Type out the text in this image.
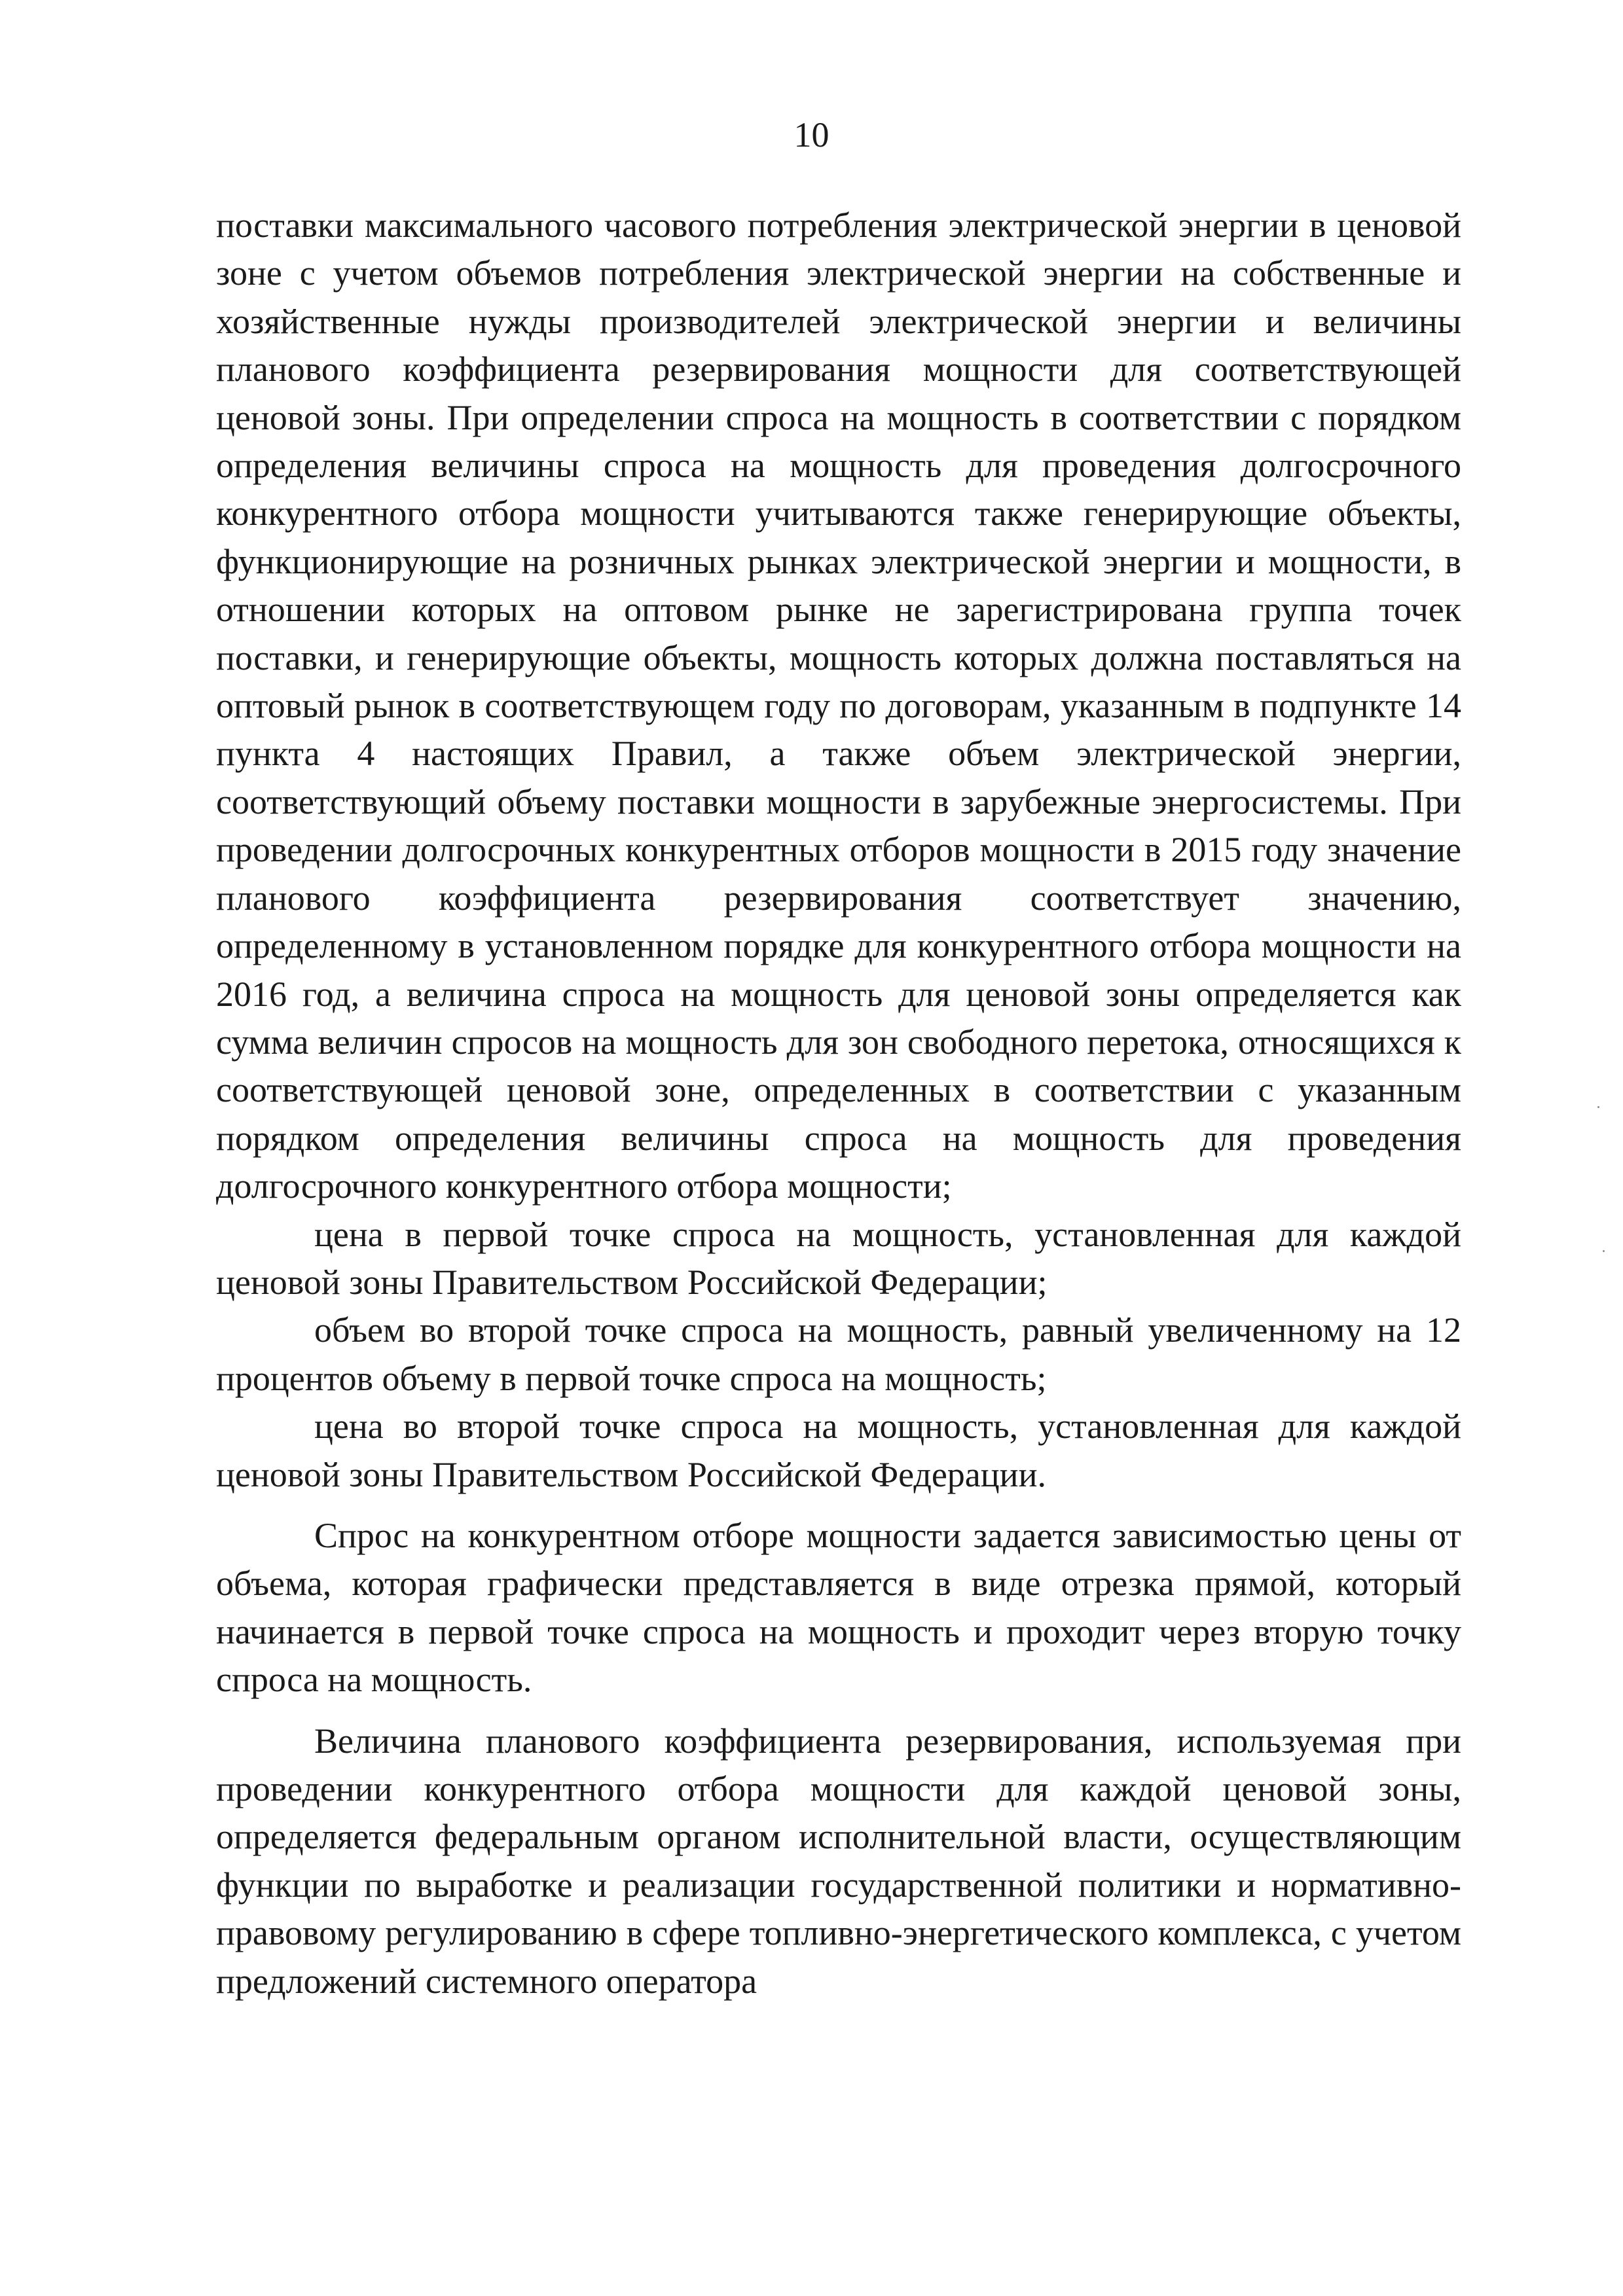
10

поставки максимального часового потребления электрической энергии в ценовой зоне с учетом объемов потребления электрической энергии на собственные и хозяйственные нужды производителей электрической энергии и величины планового коэффициента резервирования мощности для соответствующей ценовой зоны. При определении спроса на мощность в соответствии с порядком определения величины спроса на мощность для проведения долгосрочного конкурентного отбора мощности учитываются также генерирующие объекты, функционирующие на розничных рынках электрической энергии и мощности, в отношении которых на оптовом рынке не зарегистрирована группа точек поставки, и генерирующие объекты, мощность которых должна поставляться на оптовый рынок в соответствующем году по договорам, указанным в подпункте 14 пункта 4 настоящих Правил, а также объем электрической энергии, соответствующий объему поставки мощности в зарубежные энергосистемы. При проведении долгосрочных конкурентных отборов мощности в 2015 году значение планового коэффициента резервирования соответствует значению, определенному в установленном порядке для конкурентного отбора мощности на 2016 год, а величина спроса на мощность для ценовой зоны определяется как сумма величин спросов на мощность для зон свободного перетока, относящихся к соответствующей ценовой зоне, определенных в соответствии с указанным порядком определения величины спроса на мощность для проведения долгосрочного конкурентного отбора мощности;

цена в первой точке спроса на мощность, установленная для каждой ценовой зоны Правительством Российской Федерации;

объем во второй точке спроса на мощность, равный увеличенному на 12 процентов объему в первой точке спроса на мощность;

цена во второй точке спроса на мощность, установленная для каждой ценовой зоны Правительством Российской Федерации.

Спрос на конкурентном отборе мощности задается зависимостью цены от объема, которая графически представляется в виде отрезка прямой, который начинается в первой точке спроса на мощность и проходит через вторую точку спроса на мощность.

Величина планового коэффициента резервирования, используемая при проведении конкурентного отбора мощности для каждой ценовой зоны, определяется федеральным органом исполнительной власти, осуществляющим функции по выработке и реализации государственной политики и нормативно-правовому регулированию в сфере топливно-энергетического комплекса, с учетом предложений системного оператора
